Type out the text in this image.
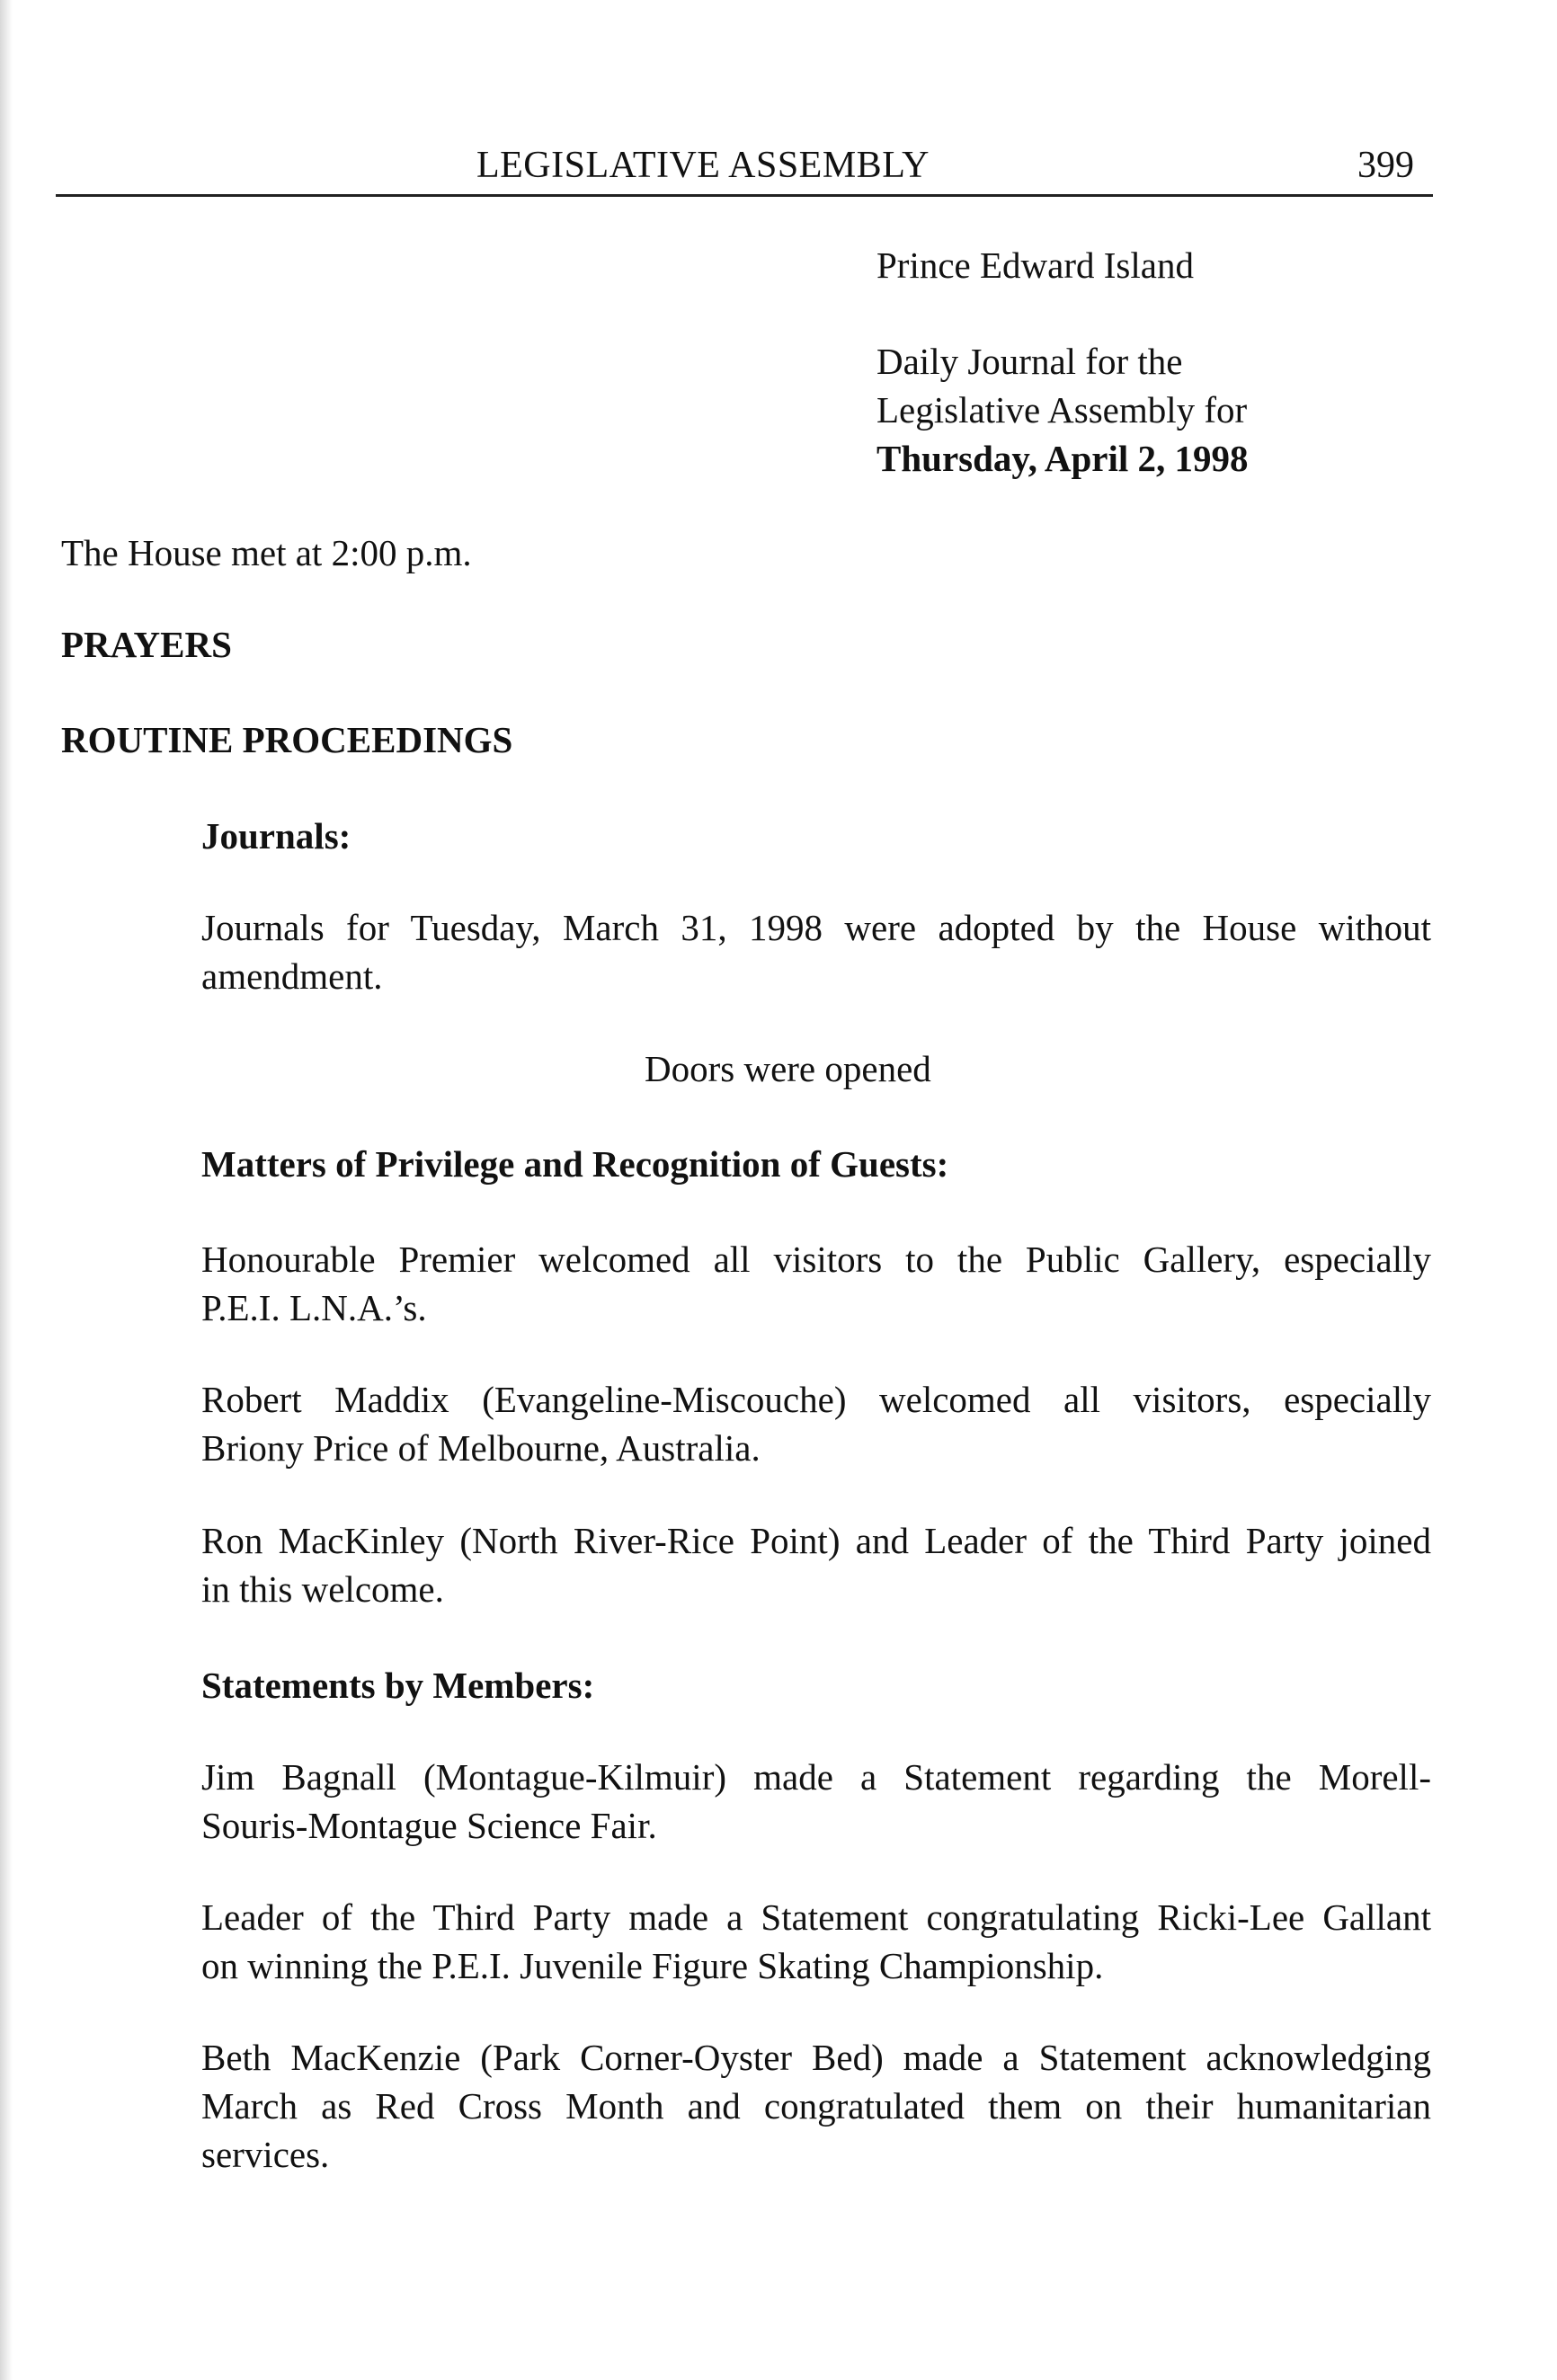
LEGISLATIVE ASSEMBLY	399
Prince Edward Island
Daily Journal for the
Legislative Assembly for
Thursday, April 2, 1998
The House met at 2:00 p.m.
PRAYERS
ROUTINE PROCEEDINGS
Journals:
Journals for Tuesday, March 31, 1998 were adopted by the House without
amendment.
Doors were opened
Matters of Privilege and Recognition of Guests:
Honourable Premier welcomed all visitors to the Public Gallery, especially
P.E.I. L.N.A.’s.
Robert Maddix (Evangeline-Miscouche) welcomed all visitors, especially
Briony Price of Melbourne, Australia.
Ron MacKinley (North River-Rice Point) and Leader of the Third Party joined
in this welcome.
Statements by Members:
Jim Bagnall (Montague-Kilmuir) made a Statement regarding the Morell-
Souris-Montague Science Fair.
Leader of the Third Party made a Statement congratulating Ricki-Lee Gallant
on winning the P.E.I. Juvenile Figure Skating Championship.
Beth MacKenzie (Park Corner-Oyster Bed) made a Statement acknowledging
March as Red Cross Month and congratulated them on their humanitarian
services.
